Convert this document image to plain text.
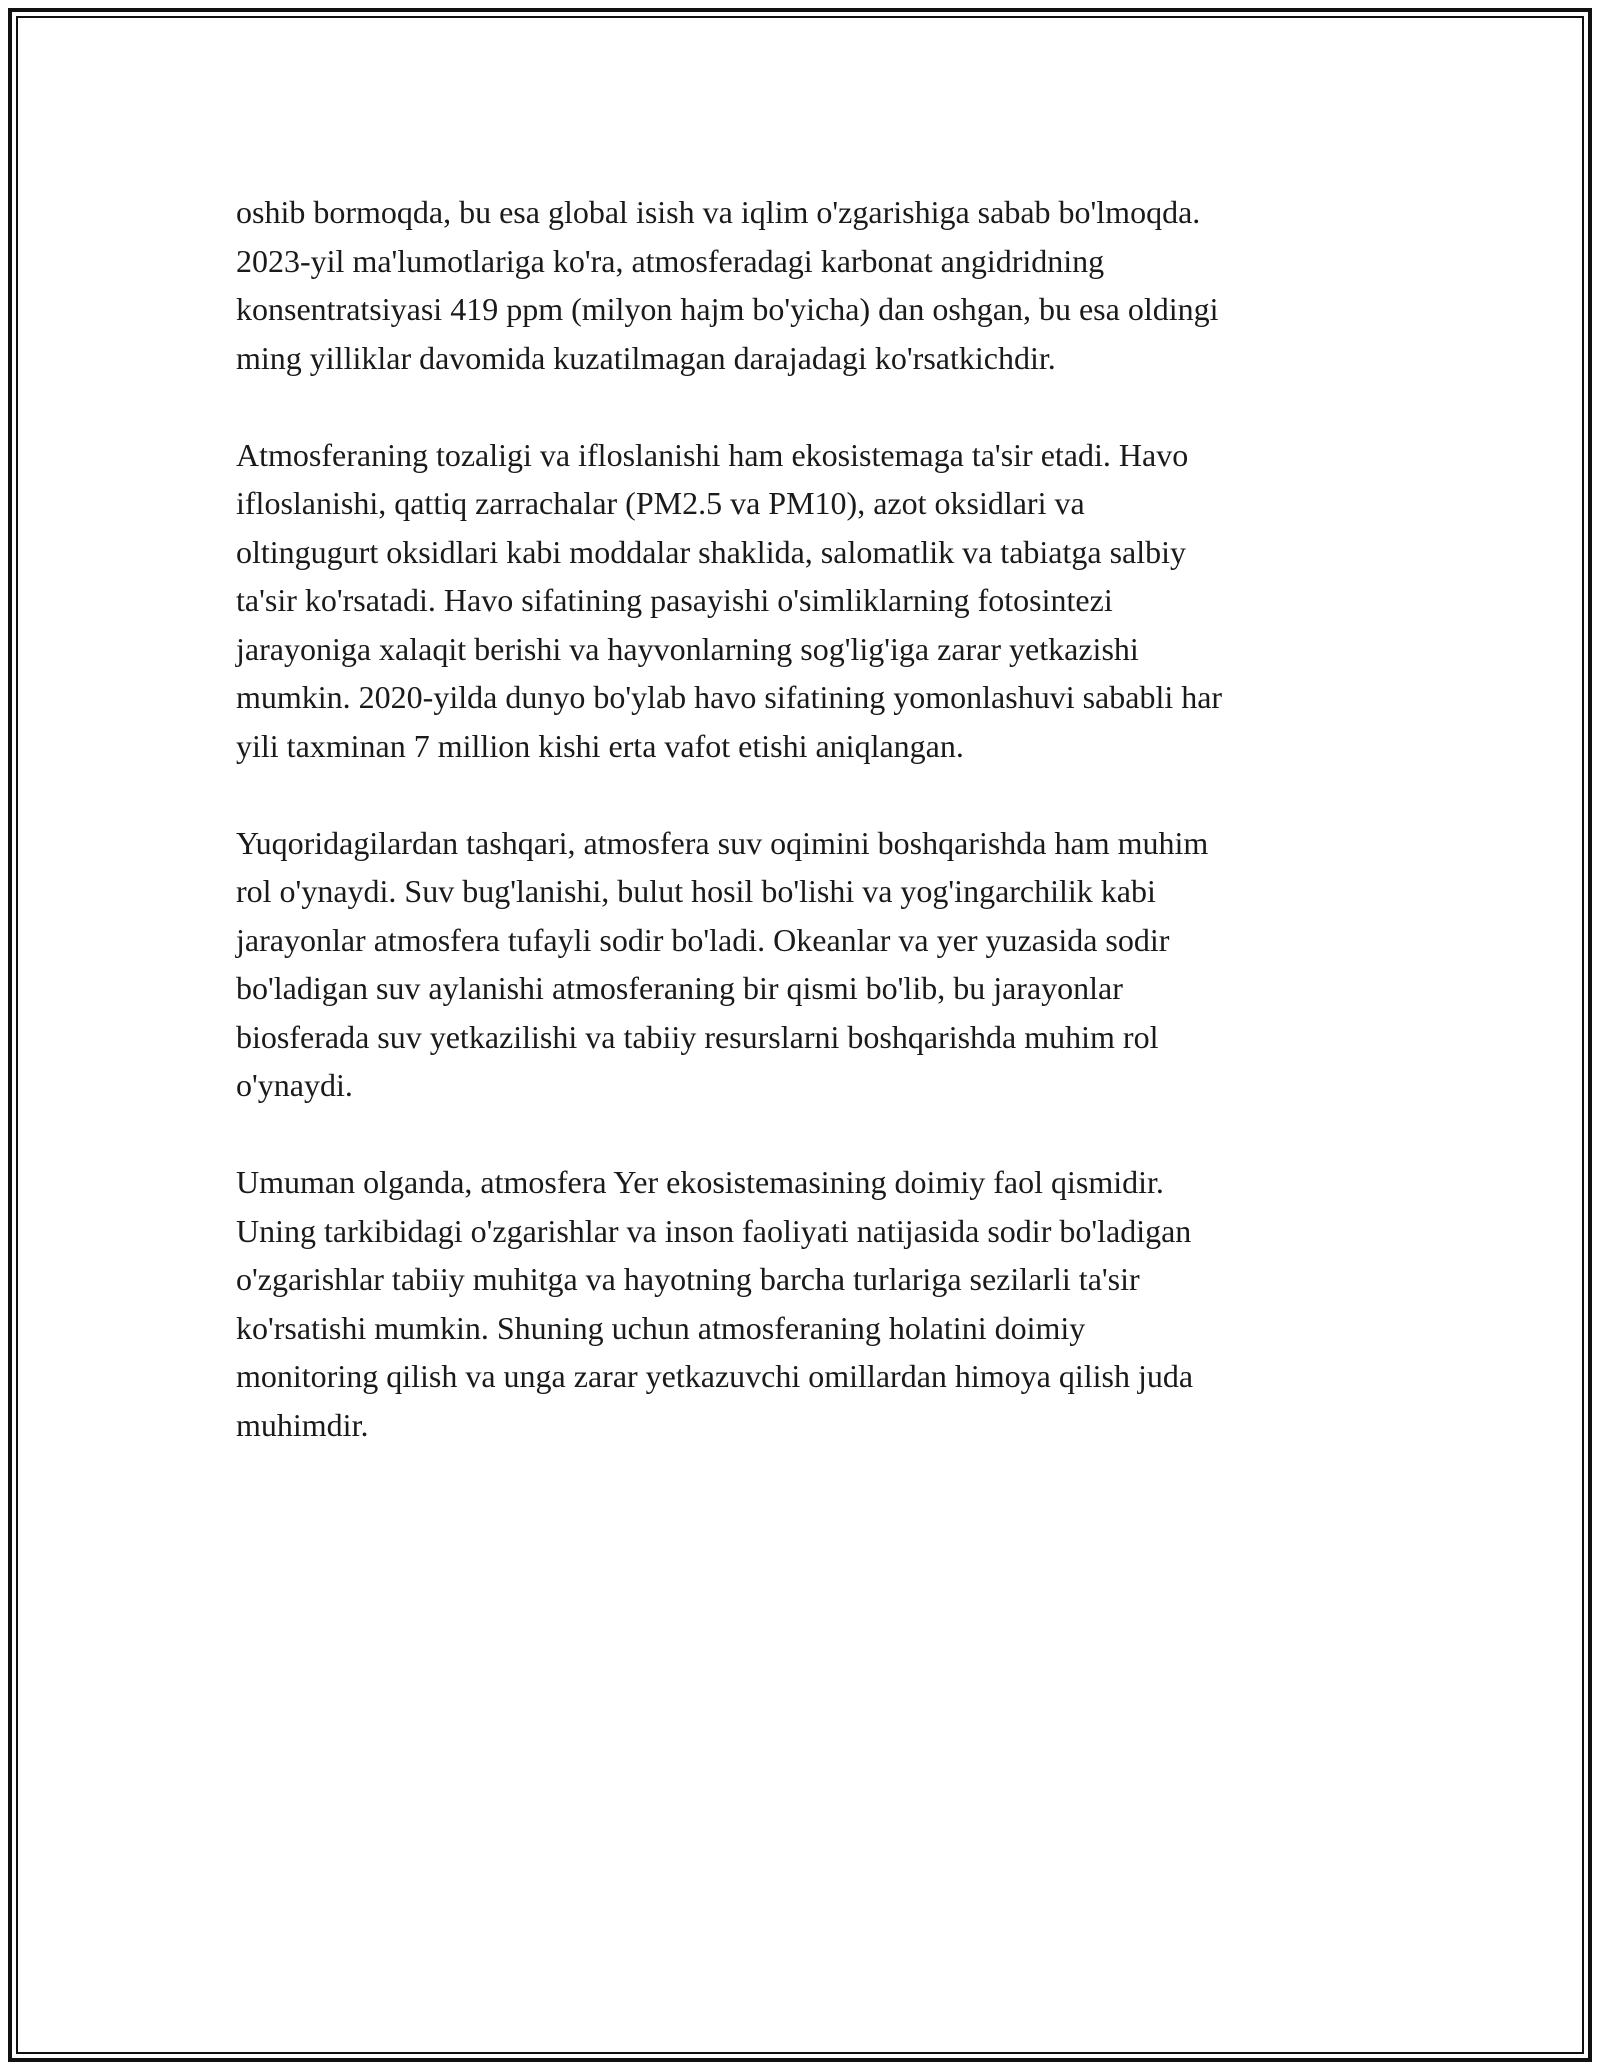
oshib bormoqda, bu esa global isish va iqlim o'zgarishiga sabab bo'lmoqda.
2023-yil ma'lumotlariga ko'ra, atmosferadagi karbonat angidridning
konsentratsiyasi 419 ppm (milyon hajm bo'yicha) dan oshgan, bu esa oldingi
ming yilliklar davomida kuzatilmagan darajadagi ko'rsatkichdir.

Atmosferaning tozaligi va ifloslanishi ham ekosistemaga ta'sir etadi. Havo
ifloslanishi, qattiq zarrachalar (PM2.5 va PM10), azot oksidlari va
oltingugurt oksidlari kabi moddalar shaklida, salomatlik va tabiatga salbiy
ta'sir ko'rsatadi. Havo sifatining pasayishi o'simliklarning fotosintezi
jarayoniga xalaqit berishi va hayvonlarning sog'lig'iga zarar yetkazishi
mumkin. 2020-yilda dunyo bo'ylab havo sifatining yomonlashuvi sababli har
yili taxminan 7 million kishi erta vafot etishi aniqlangan.

Yuqoridagilardan tashqari, atmosfera suv oqimini boshqarishda ham muhim
rol o'ynaydi. Suv bug'lanishi, bulut hosil bo'lishi va yog'ingarchilik kabi
jarayonlar atmosfera tufayli sodir bo'ladi. Okeanlar va yer yuzasida sodir
bo'ladigan suv aylanishi atmosferaning bir qismi bo'lib, bu jarayonlar
biosferada suv yetkazilishi va tabiiy resurslarni boshqarishda muhim rol
o'ynaydi.

Umuman olganda, atmosfera Yer ekosistemasining doimiy faol qismidir.
Uning tarkibidagi o'zgarishlar va inson faoliyati natijasida sodir bo'ladigan
o'zgarishlar tabiiy muhitga va hayotning barcha turlariga sezilarli ta'sir
ko'rsatishi mumkin. Shuning uchun atmosferaning holatini doimiy
monitoring qilish va unga zarar yetkazuvchi omillardan himoya qilish juda
muhimdir.
